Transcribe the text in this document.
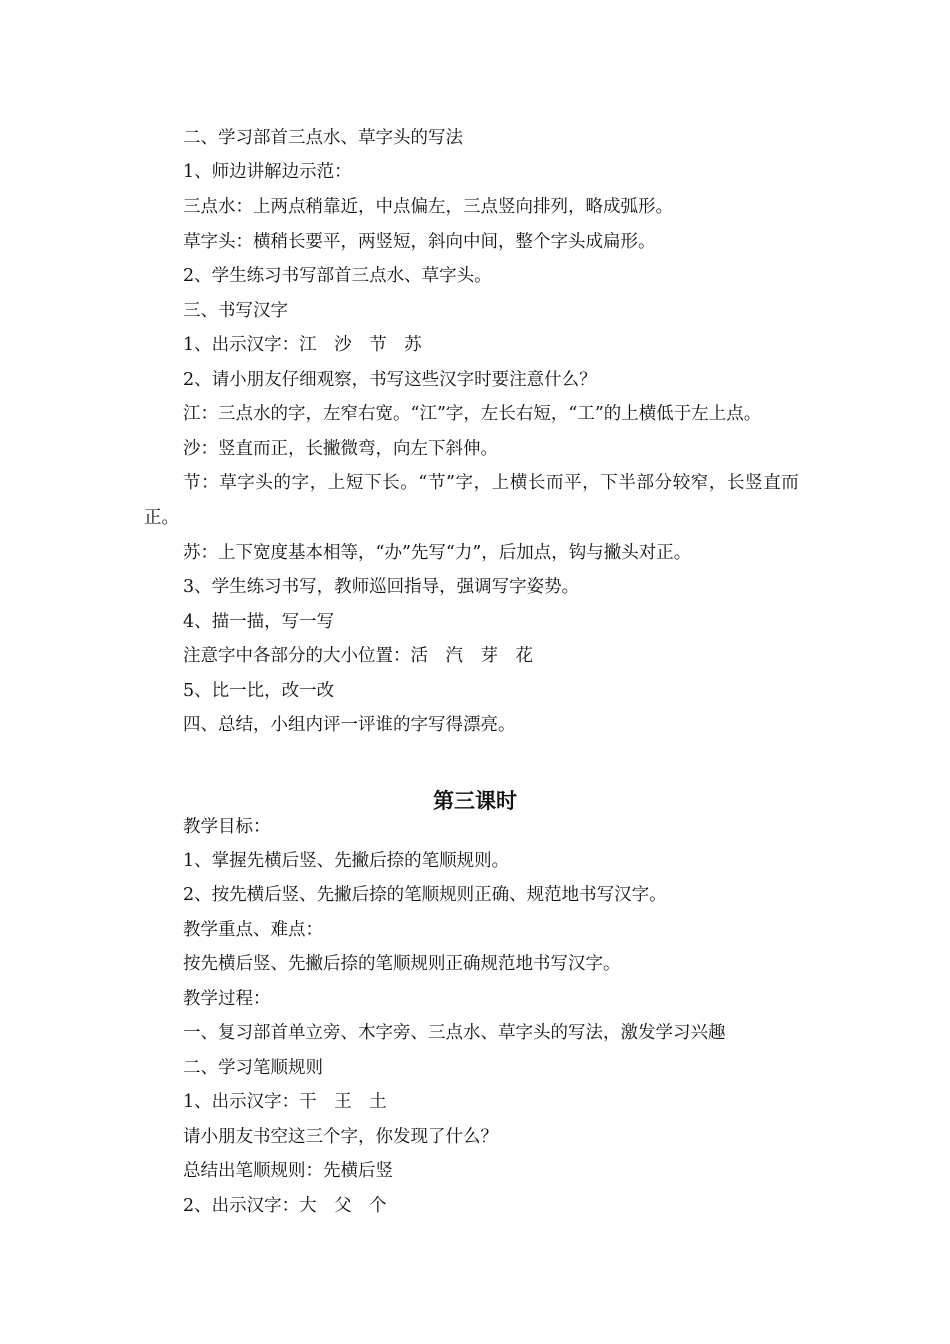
二、学习部首三点水、草字头的写法
1、师边讲解边示范：
三点水：上两点稍靠近，中点偏左，三点竖向排列，略成弧形。
草字头：横稍长要平，两竖短，斜向中间，整个字头成扁形。
2、学生练习书写部首三点水、草字头。
三、书写汉字
1、出示汉字：江　沙　节　苏
2、请小朋友仔细观察，书写这些汉字时要注意什么？
江：三点水的字，左窄右宽。“江”字，左长右短，“工”的上横低于左上点。
沙：竖直而正，长撇微弯，向左下斜伸。
节：草字头的字，上短下长。“节”字，上横长而平，下半部分较窄，长竖直而
正。
苏：上下宽度基本相等，“办”先写“力”，后加点，钩与撇头对正。
3、学生练习书写，教师巡回指导，强调写字姿势。
4、描一描，写一写
注意字中各部分的大小位置：活　汽　芽　花
5、比一比，改一改
四、总结，小组内评一评谁的字写得漂亮。
第三课时
教学目标：
1、掌握先横后竖、先撇后捺的笔顺规则。
2、按先横后竖、先撇后捺的笔顺规则正确、规范地书写汉字。
教学重点、难点：
按先横后竖、先撇后捺的笔顺规则正确规范地书写汉字。
教学过程：
一、复习部首单立旁、木字旁、三点水、草字头的写法，激发学习兴趣
二、学习笔顺规则
1、出示汉字：干　王　土
请小朋友书空这三个字，你发现了什么？
总结出笔顺规则：先横后竖
2、出示汉字：大　父　个
